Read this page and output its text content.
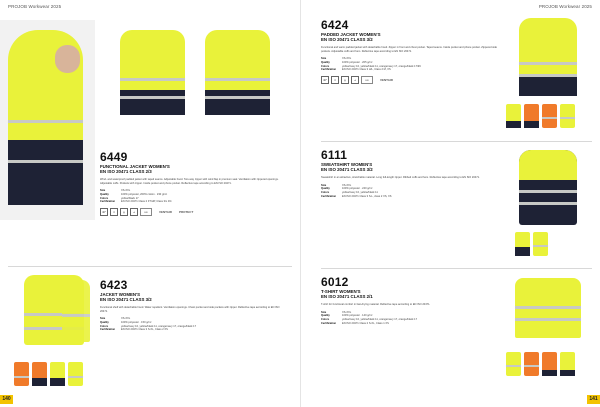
PROJOB Workwear 2025
6449
FUNCTIONAL JACKET WOMEN'S
EN ISO 20471 CLASS 2/3
Wind- and waterproof padded jacket with taped seams. Adjustable hood. Two-way zipper with wind flap in premium seal. Ventilation with zippered openings. Adjustable cuffs. Pockets with zipper. Inside pocket and phone pocket. Reflective tape according to EN ISO 20471.
Size	XS-XXL
Quality	100% polyester, 200% cotton · 230 g/m²
Colors	yellow/black 17
Certification	EN ISO 20471 Class 2 FT/HP, Class 3/L 3/4
40°	✕	◎	⊿	EN	VENTAIR PROTECT
6423
JACKET WOMEN'S
EN ISO 20471 CLASS 3/2
Functional shell with detachable hood. Water repellent. Ventilation openings. Chest pocket and side pockets with zipper. Reflective tape according to EN ISO 20471.
Size	XS-XXL
Quality	100% polyester · 150 g/m²
Colors	yellow/navy 10, yellow/black 11, orange/navy 17, orange/black 17
Certification	EN ISO 20471 Class 3 S-XL, Class 2 XS
140
PROJOB Workwear 2025
6424
PADDED JACKET WOMEN'S
EN ISO 20471 CLASS 3/2
Functional and warm padded jacket with detachable hood. Zipper in front and chest pocket. Taped seams. Inside pocket and phone pocket. Zippered side pockets. Adjustable cuffs and hem. Reflective tape according to EN ISO 20471.
Size	XS-XXL
Quality	100% polyester · 205 g/m²
Colors	yellow/navy 10, yellow/black 11, orange/navy 17, orange/black 17/99
Certification	EN ISO 20471 Class 3 H/L, Class 2 M, XS
40°	✕	◎	⊿	EN	VENTAIR
6111
SWEATSHIRT WOMEN'S
EN ISO 20471 CLASS 3/2
Sweatshirt in an attractive, stretchable material. Long full-length zipper. Ribbed cuffs and hem. Reflective tape according to EN ISO 20471.
Size	XS-XXL
Quality	100% polyester · 240 g/m²
Colors	yellow/navy 10, yellow/black 11
Certification	EN ISO 20471 Class 3 S-L, class 2 XS, XS
6012
T-SHIRT WOMEN'S
EN ISO 20471 CLASS 2/1
T-shirt for functional comfort in fast-drying material. Reflective tape according to EN ISO 20471.
Size	XS-XXL
Quality	100% polyester · 140 g/m²
Colors	yellow/navy 10, yellow/black 11, orange/navy 17, orange/black 17
Certification	EN ISO 20471 Class 2 S-XL, Class 1 XS
141
